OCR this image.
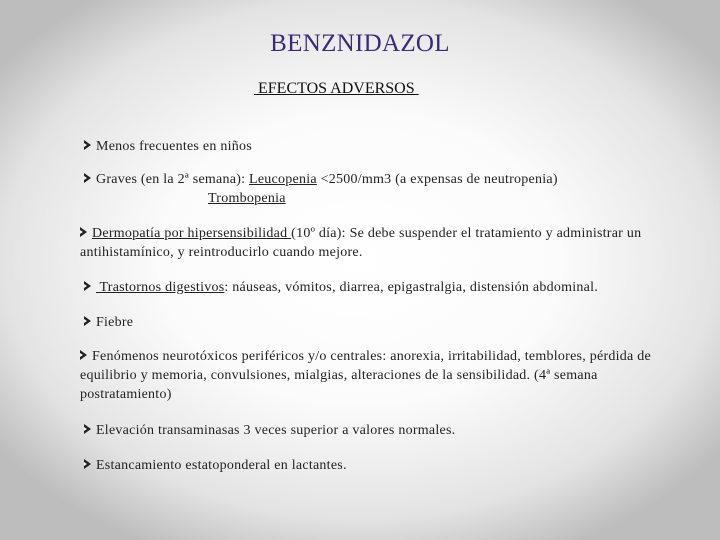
BENZNIDAZOL
EFECTOS ADVERSOS
Menos frecuentes en niños
Graves (en la 2ª semana): Leucopenia <2500/mm3 (a expensas de neutropenia)
Trombopenia
Dermopatía por hipersensibilidad (10º día): Se debe suspender el tratamiento y administrar un antihistamínico, y reintroducirlo cuando mejore.
Trastornos digestivos: náuseas, vómitos, diarrea, epigastralgia, distensión abdominal.
Fiebre
Fenómenos neurotóxicos periféricos y/o centrales: anorexia, irritabilidad, temblores, pérdida de equilibrio y memoria, convulsiones, mialgias, alteraciones de la sensibilidad. (4ª semana postratamiento)
Elevación transaminasas 3 veces superior a valores normales.
Estancamiento estatoponderal en lactantes.
